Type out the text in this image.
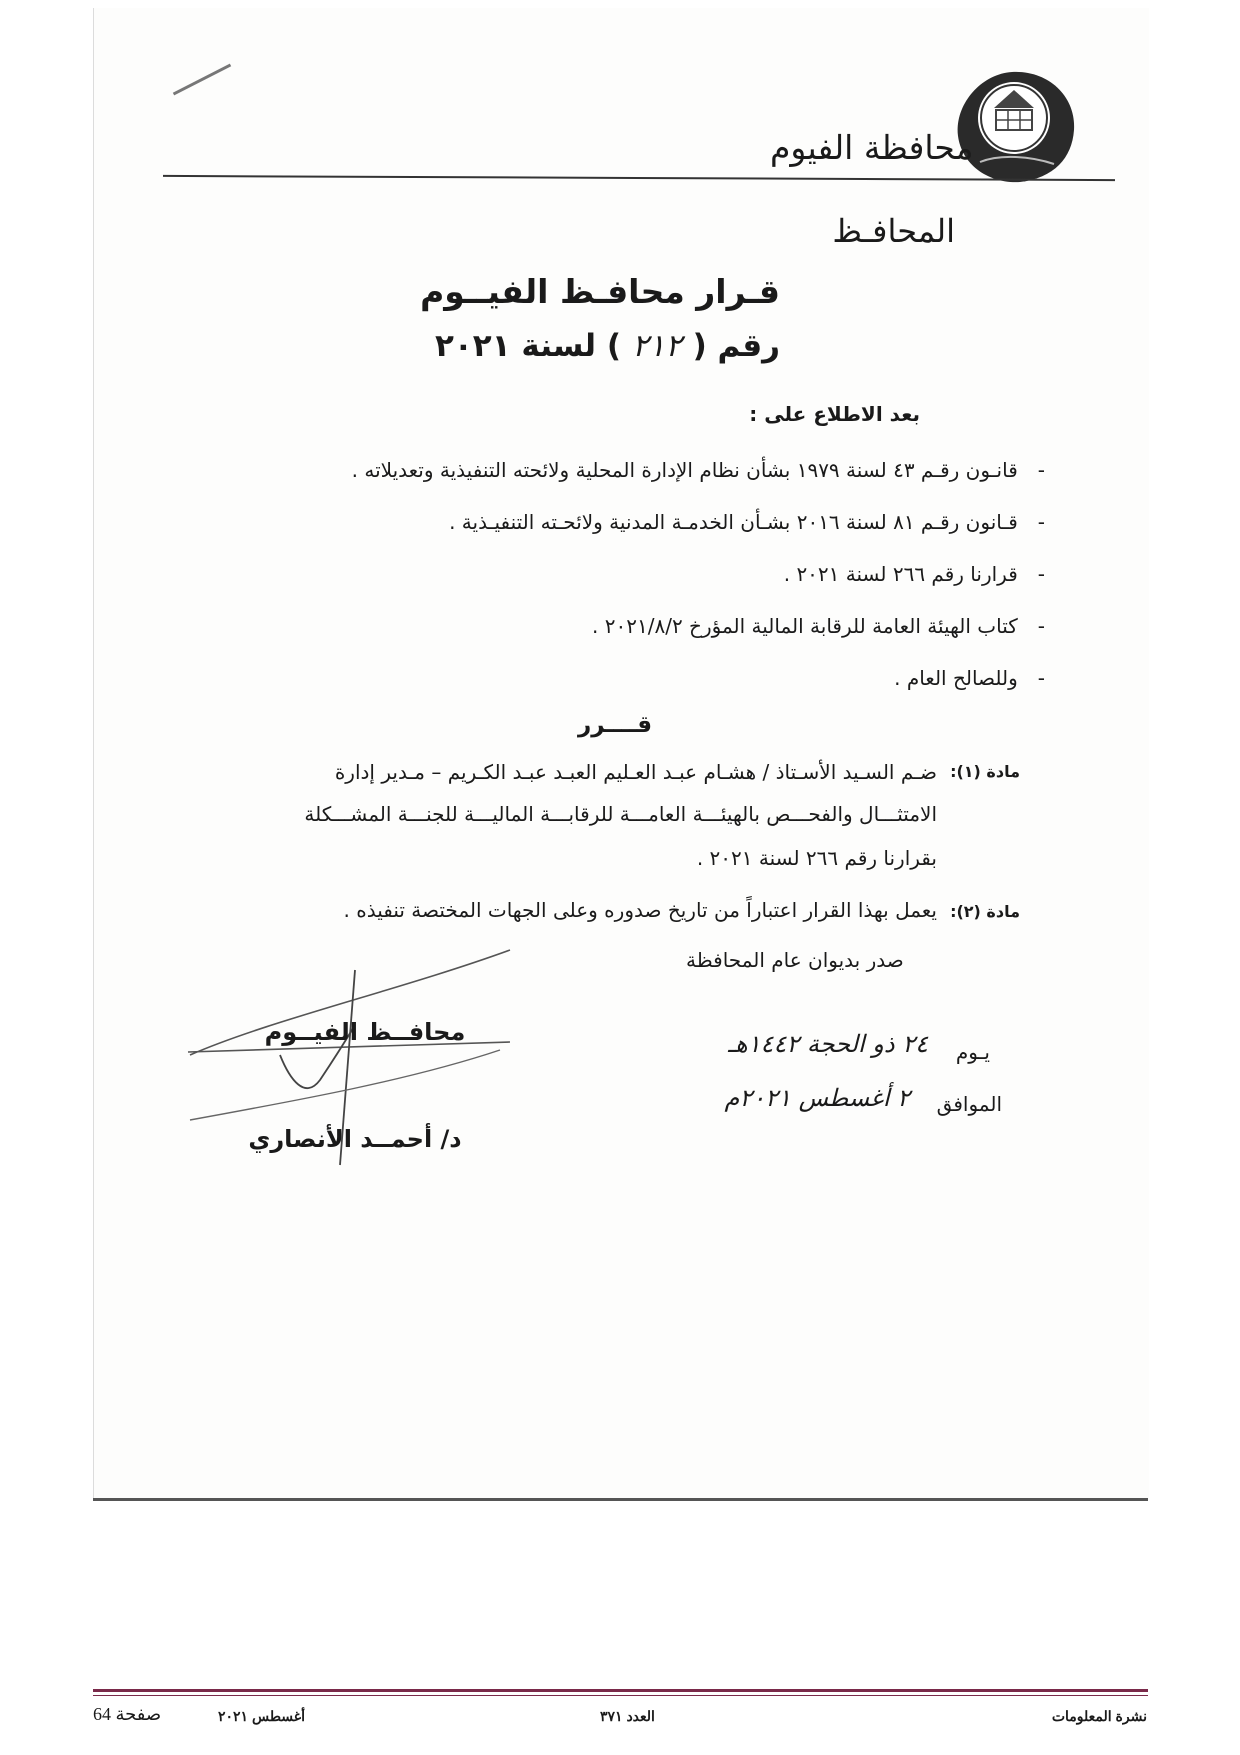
محافظة الفيوم
المحافـظ
قـرار محافـظ الفيــوم
رقم ( ٢١٢ ) لسنة ٢٠٢١
بعد الاطلاع على :
-قانـون رقـم ٤٣ لسنة ١٩٧٩ بشأن نظام الإدارة المحلية ولائحته التنفيذية وتعديلاته .
-قـانون رقـم ٨١ لسنة ٢٠١٦ بشـأن الخدمـة المدنية ولائحـته التنفيـذية .
-قرارنا رقم ٢٦٦ لسنة ٢٠٢١ .
-كتاب الهيئة العامة للرقابة المالية المؤرخ ٢٠٢١/٨/٢ .
-وللصالح العام .
قــــرر
مادة (١):
ضـم السـيد الأسـتاذ / هشـام عبـد العـليم العبـد عبـد الكـريم – مـدير إدارة
الامتثـــال والفحـــص بالهيئـــة العامـــة للرقابـــة الماليـــة للجنـــة المشـــكلة
بقرارنا رقم ٢٦٦ لسنة ٢٠٢١ .
مادة (٢):
يعمل بهذا القرار اعتباراً من تاريخ صدوره وعلى الجهات المختصة تنفيذه .
صدر بديوان عام المحافظة
يـوم
٢٤ ذو الحجة ١٤٤٢هـ
الموافق
٢ أغسطس ٢٠٢١م
محافــظ الفيــوم
د/ أحمــد الأنصاري
نشرة المعلومات
العدد ٣٧١
أغسطس ٢٠٢١
صفحة 64
